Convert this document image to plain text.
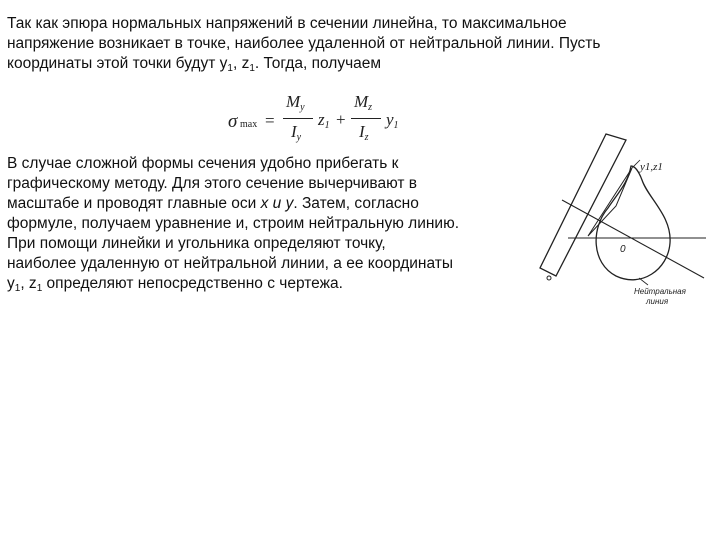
Так как эпюра нормальных напряжений в сечении линейна, то максимальное
напряжение возникает в точке, наиболее удаленной от нейтральной линии. Пусть
координаты этой точки будут $y_1$, $z_1$. Тогда, получаем
σ max =
$M_y$
$I_y$
$z_1$ +
$M_z$
$I_z$
$y_1$
В случае сложной формы сечения удобно прибегать к
графическому методу. Для этого сечение вычерчивают в
масштабе и проводят главные оси x и y. Затем, согласно
формуле, получаем уравнение и, строим нейтральную линию.
При помощи линейки и угольника определяют точку,
наиболее удаленную от нейтральной линии, а ее координаты
$y_1$, $z_1$ определяют непосредственно с чертежа.
y1,z1
0
Нейтральная
линия
